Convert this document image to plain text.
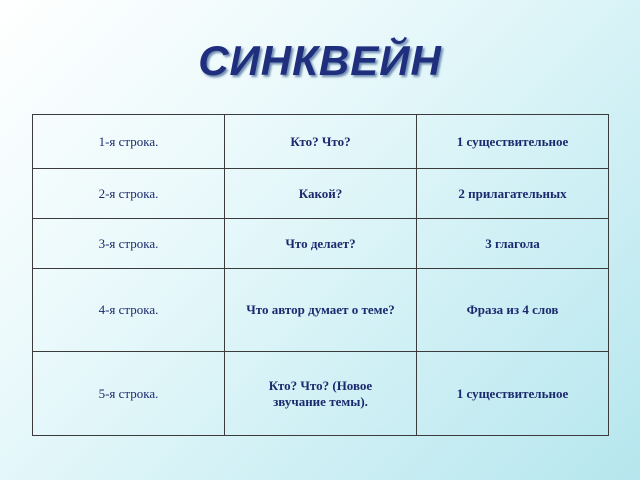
СИНКВЕЙН
1-я строка.	Кто? Что?	1 существительное
2-я строка.	Какой?	2 прилагательных
3-я строка.	Что делает?	3 глагола
4-я строка.	Что автор думает о теме?	Фраза из 4 слов
5-я строка.	Кто? Что? (Новое звучание темы).	1 существительное
